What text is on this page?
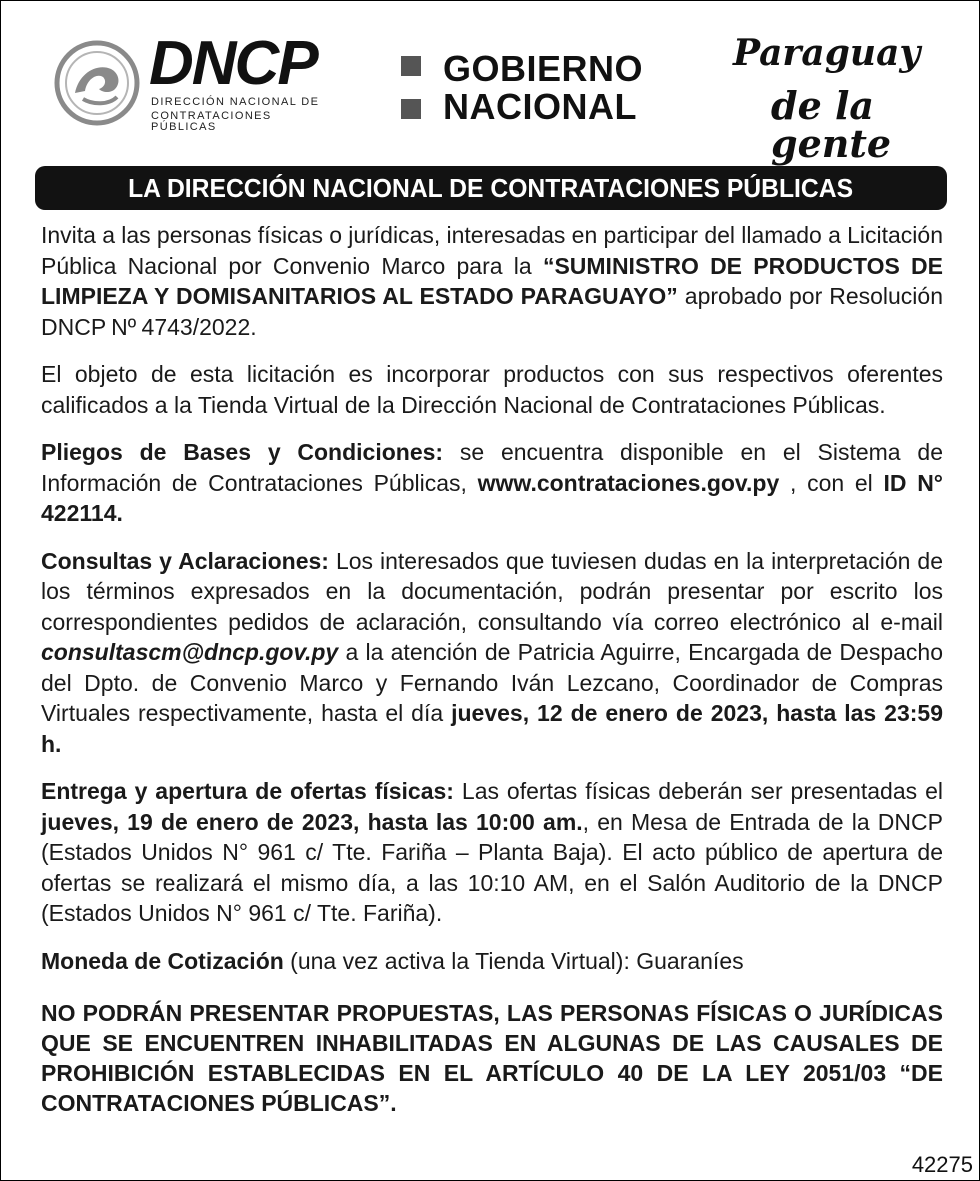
DNCP
DIRECCIÓN NACIONAL DE
CONTRATACIONES PÚBLICAS
GOBIERNO
NACIONAL
Paraguay
de la gente
LA DIRECCIÓN NACIONAL DE CONTRATACIONES PÚBLICAS

Invita a las personas físicas o jurídicas, interesadas en participar del llamado a Licitación Pública Nacional por Convenio Marco para la “SUMINISTRO DE PRODUCTOS DE LIMPIEZA Y DOMISANITARIOS AL ESTADO PARAGUAYO” aprobado por Resolución DNCP Nº 4743/2022.

El objeto de esta licitación es incorporar productos con sus respectivos oferentes calificados a la Tienda Virtual de la Dirección Nacional de Contrataciones Públicas.

Pliegos de Bases y Condiciones: se encuentra disponible en el Sistema de Información de Contrataciones Públicas, www.contrataciones.gov.py , con el ID N° 422114.

Consultas y Aclaraciones: Los interesados que tuviesen dudas en la interpretación de los términos expresados en la documentación, podrán presentar por escrito los correspondientes pedidos de aclaración, consultando vía correo electrónico al e-mail consultascm@dncp.gov.py a la atención de Patricia Aguirre, Encargada de Despacho del Dpto. de Convenio Marco y Fernando Iván Lezcano, Coordinador de Compras Virtuales respectivamente, hasta el día jueves, 12 de enero de 2023, hasta las 23:59 h.

Entrega y apertura de ofertas físicas: Las ofertas físicas deberán ser presentadas el jueves, 19 de enero de 2023, hasta las 10:00 am., en Mesa de Entrada de la DNCP (Estados Unidos N° 961 c/ Tte. Fariña – Planta Baja). El acto público de apertura de ofertas se realizará el mismo día, a las 10:10 AM, en el Salón Auditorio de la DNCP (Estados Unidos N° 961 c/ Tte. Fariña).

Moneda de Cotización (una vez activa la Tienda Virtual): Guaraníes

NO PODRÁN PRESENTAR PROPUESTAS, LAS PERSONAS FÍSICAS O JURÍDICAS QUE SE ENCUENTREN INHABILITADAS EN ALGUNAS DE LAS CAUSALES DE PROHIBICIÓN ESTABLECIDAS EN EL ARTÍCULO 40 DE LA LEY 2051/03 “DE CONTRATACIONES PÚBLICAS”.

42275
